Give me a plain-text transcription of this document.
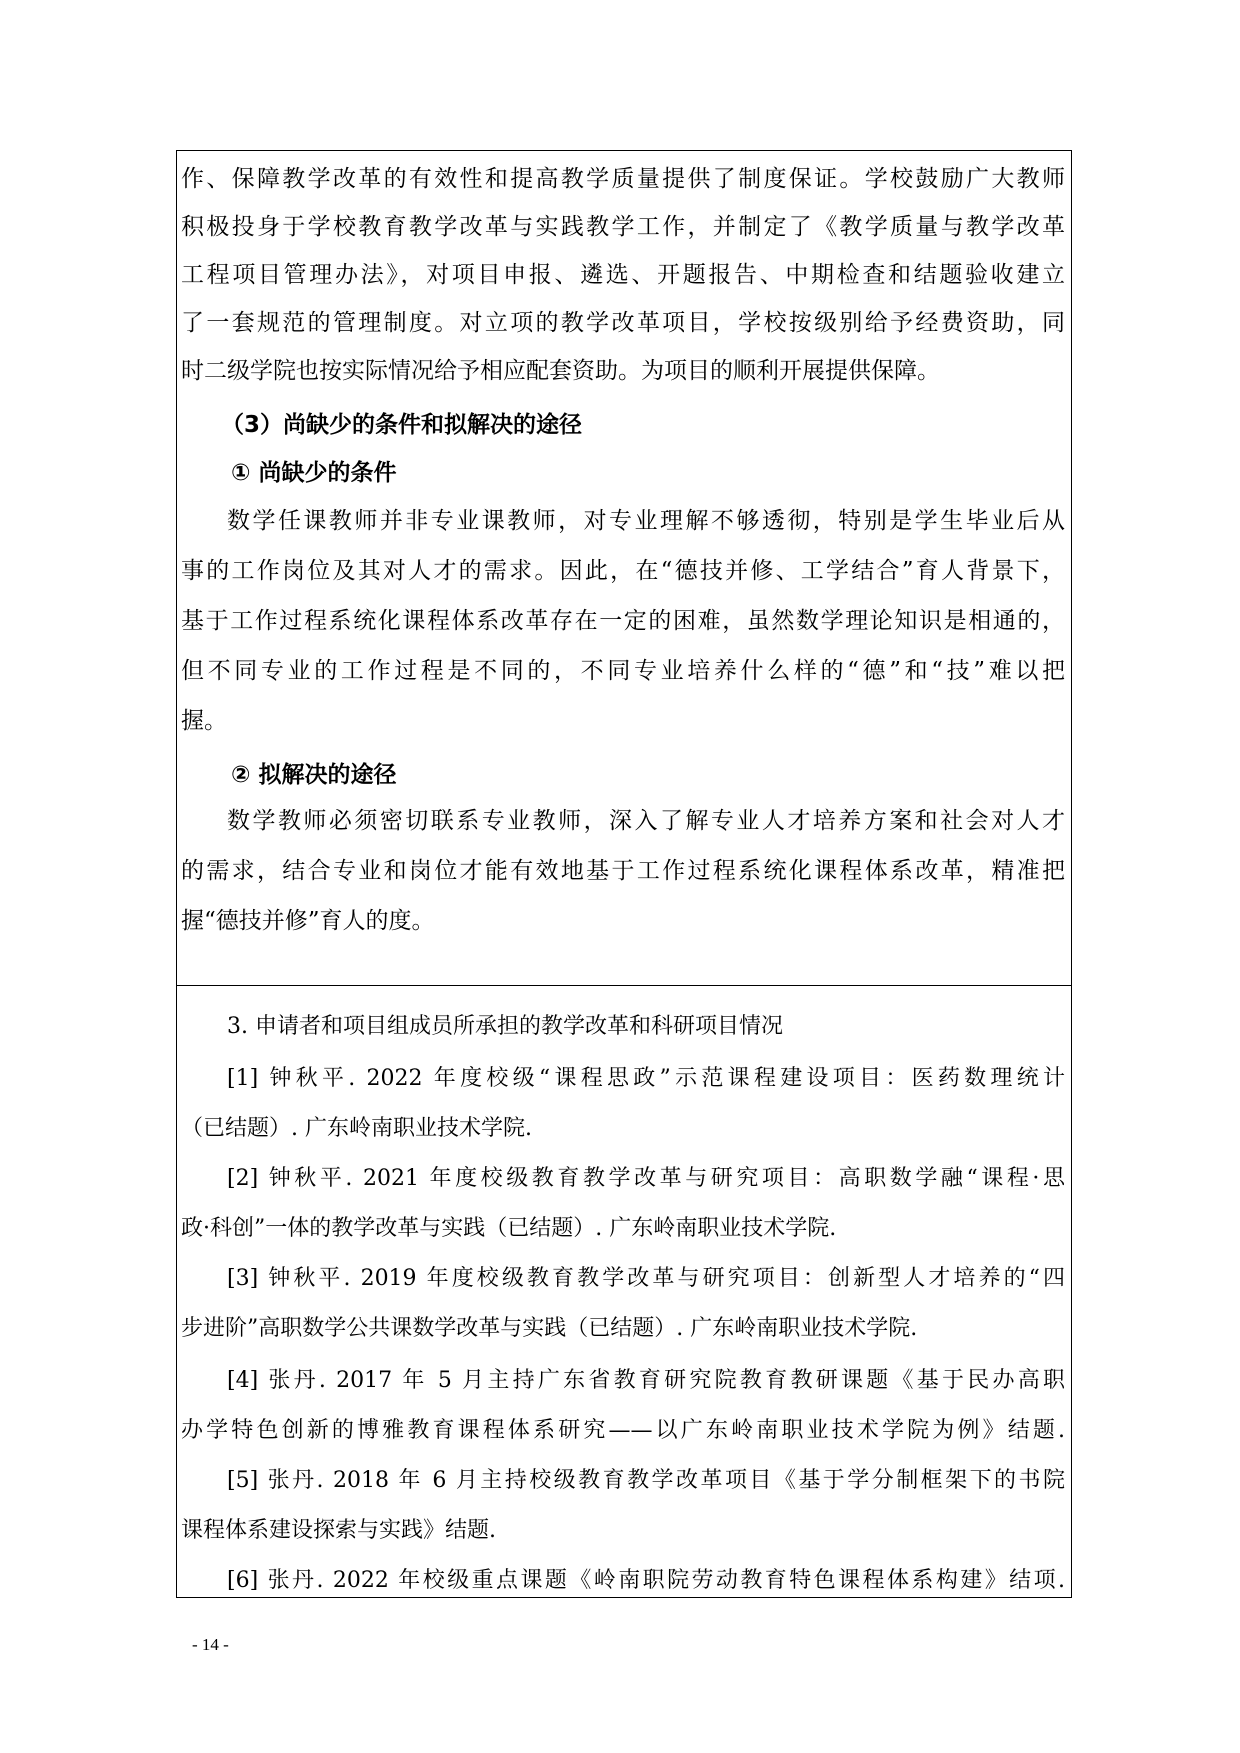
作、保障教学改革的有效性和提高教学质量提供了制度保证。学校鼓励广大教师
积极投身于学校教育教学改革与实践教学工作，并制定了《教学质量与教学改革
工程项目管理办法》，对项目申报、遴选、开题报告、中期检查和结题验收建立
了一套规范的管理制度。对立项的教学改革项目，学校按级别给予经费资助，同
时二级学院也按实际情况给予相应配套资助。为项目的顺利开展提供保障。
（3）尚缺少的条件和拟解决的途径
① 尚缺少的条件
数学任课教师并非专业课教师，对专业理解不够透彻，特别是学生毕业后从
事的工作岗位及其对人才的需求。因此，在“德技并修、工学结合”育人背景下，
基于工作过程系统化课程体系改革存在一定的困难，虽然数学理论知识是相通的，
但不同专业的工作过程是不同的，不同专业培养什么样的“德”和“技”难以把
握。
② 拟解决的途径
数学教师必须密切联系专业教师，深入了解专业人才培养方案和社会对人才
的需求，结合专业和岗位才能有效地基于工作过程系统化课程体系改革，精准把
握“德技并修”育人的度。
3. 申请者和项目组成员所承担的教学改革和科研项目情况
[1] 钟秋平. 2022 年度校级“课程思政”示范课程建设项目：医药数理统计
（已结题）. 广东岭南职业技术学院.
[2] 钟秋平. 2021 年度校级教育教学改革与研究项目：高职数学融“课程·思
政·科创”一体的教学改革与实践（已结题）. 广东岭南职业技术学院.
[3] 钟秋平. 2019 年度校级教育教学改革与研究项目：创新型人才培养的“四
步进阶”高职数学公共课数学改革与实践（已结题）. 广东岭南职业技术学院.
[4] 张丹. 2017 年 5 月主持广东省教育研究院教育教研课题《基于民办高职
办学特色创新的博雅教育课程体系研究——以广东岭南职业技术学院为例》结题.
[5] 张丹. 2018 年 6 月主持校级教育教学改革项目《基于学分制框架下的书院
课程体系建设探索与实践》结题.
[6] 张丹. 2022 年校级重点课题《岭南职院劳动教育特色课程体系构建》结项.
- 14 -
